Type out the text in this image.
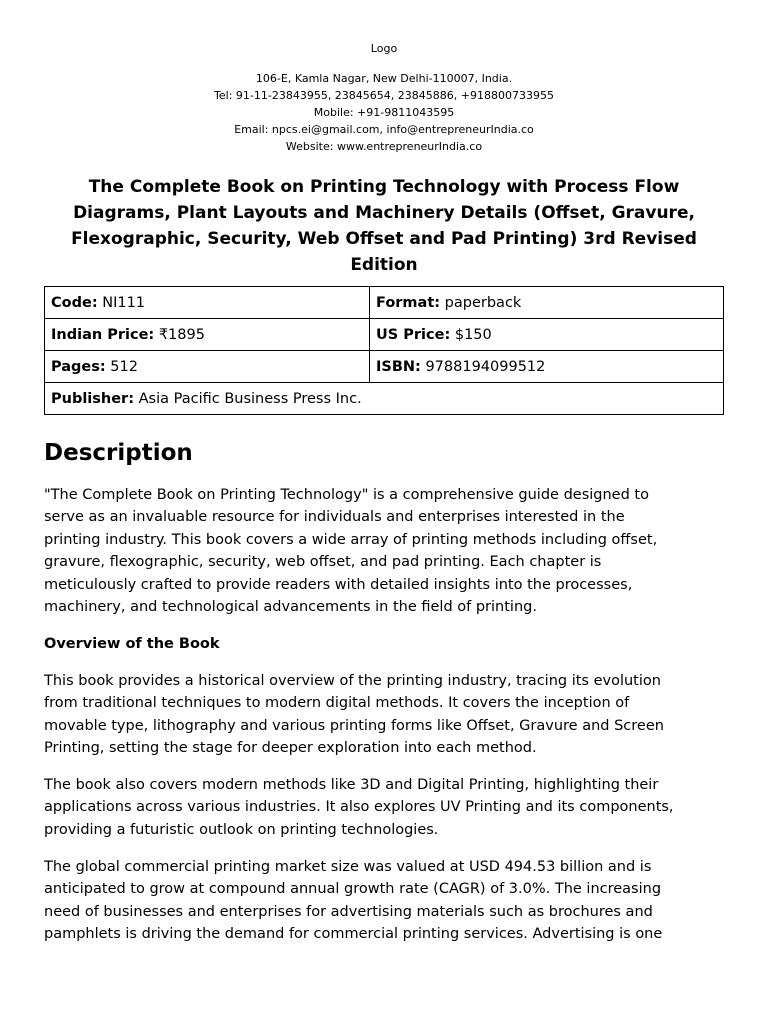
Logo
106-E, Kamla Nagar, New Delhi-110007, India.
Tel: 91-11-23843955, 23845654, 23845886, +918800733955
Mobile: +91-9811043595
Email: npcs.ei@gmail.com, info@entrepreneurIndia.co
Website: www.entrepreneurIndia.co
The Complete Book on Printing Technology with Process Flow
Diagrams, Plant Layouts and Machinery Details (Offset, Gravure,
Flexographic, Security, Web Offset and Pad Printing) 3rd Revised
Edition
Code: NI111	Format: paperback
Indian Price: ₹1895	US Price: $150
Pages: 512	ISBN: 9788194099512
Publisher: Asia Pacific Business Press Inc.	
Description

"The Complete Book on Printing Technology" is a comprehensive guide designed to
serve as an invaluable resource for individuals and enterprises interested in the
printing industry. This book covers a wide array of printing methods including offset,
gravure, flexographic, security, web offset, and pad printing. Each chapter is
meticulously crafted to provide readers with detailed insights into the processes,
machinery, and technological advancements in the field of printing.

Overview of the Book

This book provides a historical overview of the printing industry, tracing its evolution
from traditional techniques to modern digital methods. It covers the inception of
movable type, lithography and various printing forms like Offset, Gravure and Screen
Printing, setting the stage for deeper exploration into each method.

The book also covers modern methods like 3D and Digital Printing, highlighting their
applications across various industries. It also explores UV Printing and its components,
providing a futuristic outlook on printing technologies.

The global commercial printing market size was valued at USD 494.53 billion and is
anticipated to grow at compound annual growth rate (CAGR) of 3.0%. The increasing
need of businesses and enterprises for advertising materials such as brochures and
pamphlets is driving the demand for commercial printing services. Advertising is one
